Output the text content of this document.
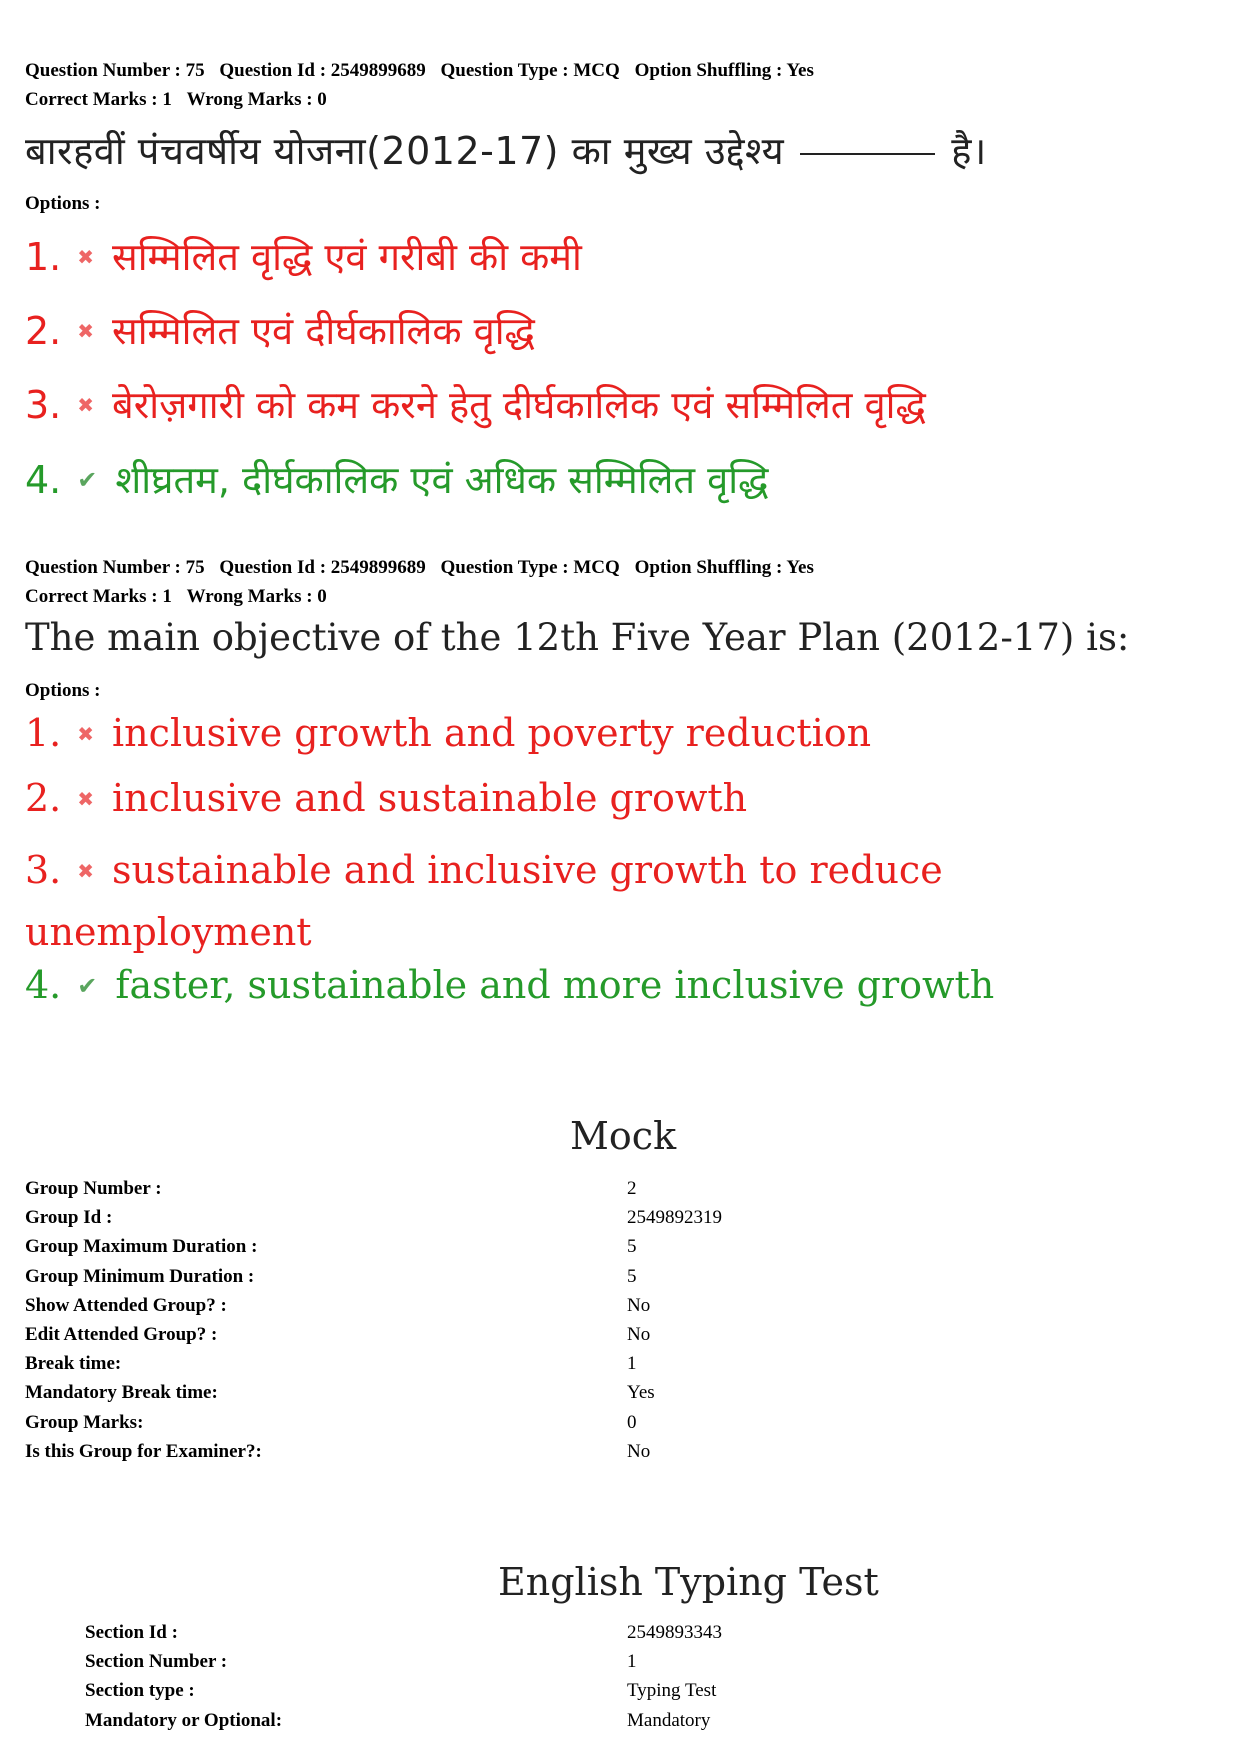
Question Number : 75 Question Id : 2549899689 Question Type : MCQ Option Shuffling : Yes
Correct Marks : 1 Wrong Marks : 0
बारहवीं पंचवर्षीय योजना(2012-17) का मुख्य उद्देश्य	है।
Options :
1. ✖ सम्मिलित वृद्धि एवं गरीबी की कमी
2. ✖ सम्मिलित एवं दीर्घकालिक वृद्धि
3. ✖ बेरोज़गारी को कम करने हेतु दीर्घकालिक एवं सम्मिलित वृद्धि
4. ✔ शीघ्रतम, दीर्घकालिक एवं अधिक सम्मिलित वृद्धि
Question Number : 75 Question Id : 2549899689 Question Type : MCQ Option Shuffling : Yes
Correct Marks : 1 Wrong Marks : 0
The main objective of the 12th Five Year Plan (2012-17) is:
Options :
1. ✖ inclusive growth and poverty reduction
2. ✖ inclusive and sustainable growth
3. ✖ sustainable and inclusive growth to reduce
unemployment
4. ✔ faster, sustainable and more inclusive growth
Mock
Group Number :	2
Group Id :	2549892319
Group Maximum Duration :	5
Group Minimum Duration :	5
Show Attended Group? :	No
Edit Attended Group? :	No
Break time:	1
Mandatory Break time:	Yes
Group Marks:	0
Is this Group for Examiner?:	No
English Typing Test
Section Id :	2549893343
Section Number :	1
Section type :	Typing Test
Mandatory or Optional:	Mandatory
